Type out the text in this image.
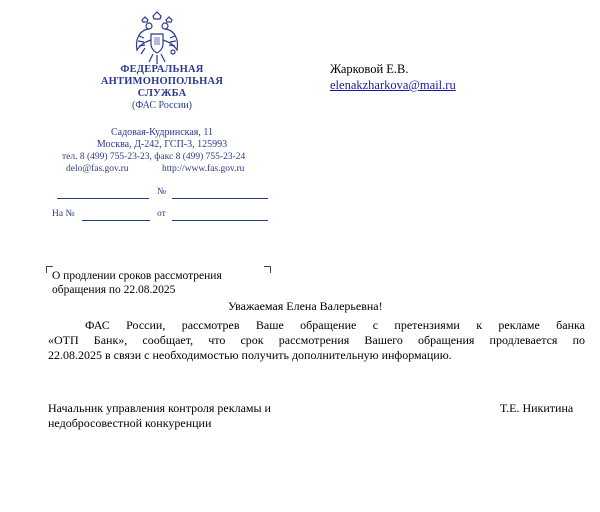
ФЕДЕРАЛЬНАЯ
АНТИМОНОПОЛЬНАЯ
СЛУЖБА
(ФАС России)
Садовая-Кудринская, 11
Москва, Д-242, ГСП-3, 125993
тел. 8 (499) 755-23-23, факс 8 (499) 755-23-24
delo@fas.gov.ru	http://www.fas.gov.ru
№
На №	от
Жарковой Е.В.
elenakzharkova@mail.ru
О продлении сроков рассмотрения
обращения по 22.08.2025
Уважаемая Елена Валерьевна!
ФАС России, рассмотрев Ваше обращение с претензиями к рекламе банка
«ОТП Банк», сообщает, что срок рассмотрения Вашего обращения продлевается по
22.08.2025 в связи с необходимостью получить дополнительную информацию.
Начальник управления контроля рекламы и
недобросовестной конкуренции
Т.Е. Никитина
